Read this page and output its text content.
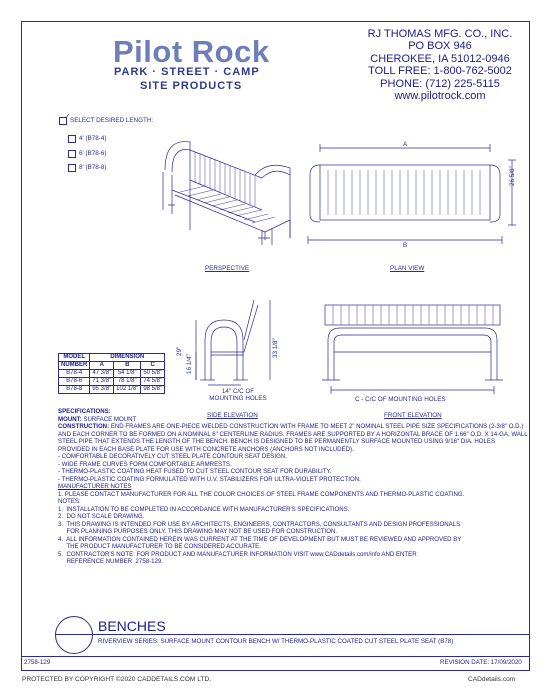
Pilot Rock
PARK · STREET · CAMP
SITE PRODUCTS
RJ THOMAS MFG. CO., INC.
PO BOX 946
CHEROKEE, IA 51012-0946
TOLL FREE: 1-800-762-5002
PHONE: (712) 225-5115
www.pilotrock.com
✓ SELECT DESIRED LENGTH:
4' (B78-4)
6' (B78-6)
8' (B78-8)
A
B
26 5/8"
29"
16 1/4"
33 1/8"
14" C/C OF MOUNTING HOLES	C - C/C OF MOUNTING HOLES
PERSPECTIVE	PLAN VIEW
SIDE ELEVATION	FRONT ELEVATION
MODEL	DIMENSION		
NUMBER	A	B	C
B78-4	47 3/8"	54 1/8"	50 5/8"
B78-6	71 3/8"	78 1/8"	74 5/8"
B78-8	95 3/8"	102 1/8"	98 5/8"

SPECIFICATIONS:

MOUNT: SURFACE MOUNT

CONSTRUCTION: END FRAMES ARE ONE-PIECE WELDED CONSTRUCTION WITH FRAME TO MEET 2" NOMINAL STEEL PIPE SIZE SPECIFICATIONS (2-3/8" O.D.) AND EACH CORNER TO BE FORMED ON A NOMINAL 6" CENTERLINE RADIUS. FRAMES ARE SUPPORTED BY A HORIZONTAL BRACE OF 1.66" O.D. X 14-GA. WALL STEEL PIPE THAT EXTENDS THE LENGTH OF THE BENCH. BENCH IS DESIGNED TO BE PERMANENTLY SURFACE MOUNTED USING 9/16" DIA. HOLES PROVIDED IN EACH BASE PLATE FOR USE WITH CONCRETE ANCHORS (ANCHORS NOT INCLUDED).

- COMFORTABLE DECORATIVELY CUT STEEL PLATE CONTOUR SEAT DESIGN.

- WIDE FRAME CURVES FORM COMFORTABLE ARMRESTS.

- THERMO-PLASTIC COATING HEAT FUSED TO CUT STEEL CONTOUR SEAT FOR DURABILITY.

- THERMO-PLASTIC COATING FORMULATED WITH U.V. STABILIZERS FOR ULTRA-VIOLET PROTECTION.

MANUFACTURER NOTES

1. PLEASE CONTACT MANUFACTURER FOR ALL THE COLOR CHOICES OF STEEL FRAME COMPONENTS AND THERMO-PLASTIC COATING.

NOTES:

1.  INSTALLATION TO BE COMPLETED IN ACCORDANCE WITH MANUFACTURER'S SPECIFICATIONS.

2.  DO NOT SCALE DRAWING.

3.  THIS DRAWING IS INTENDED FOR USE BY ARCHITECTS, ENGINEERS, CONTRACTORS, CONSULTANTS AND DESIGN PROFESSIONALS

FOR PLANNING PURPOSES ONLY. THIS DRAWING MAY NOT BE USED FOR CONSTRUCTION.

4.  ALL INFORMATION CONTAINED HEREIN WAS CURRENT AT THE TIME OF DEVELOPMENT BUT MUST BE REVIEWED AND APPROVED BY

THE PRODUCT MANUFACTURER TO BE CONSIDERED ACCURATE.

5.  CONTRACTOR'S NOTE: FOR PRODUCT AND MANUFACTURER INFORMATION VISIT www.CADdetails.com/info AND ENTER

REFERENCE NUMBER  2758-129.

BENCHES
RIVERVIEW SERIES: SURFACE MOUNT CONTOUR BENCH W/ THERMO-PLASTIC COATED CUT STEEL PLATE SEAT (B78)
2758-129	REVISION DATE: 17/09/2020
PROTECTED BY COPYRIGHT ©2020 CADDETAILS.COM LTD.	CADdetails.com
